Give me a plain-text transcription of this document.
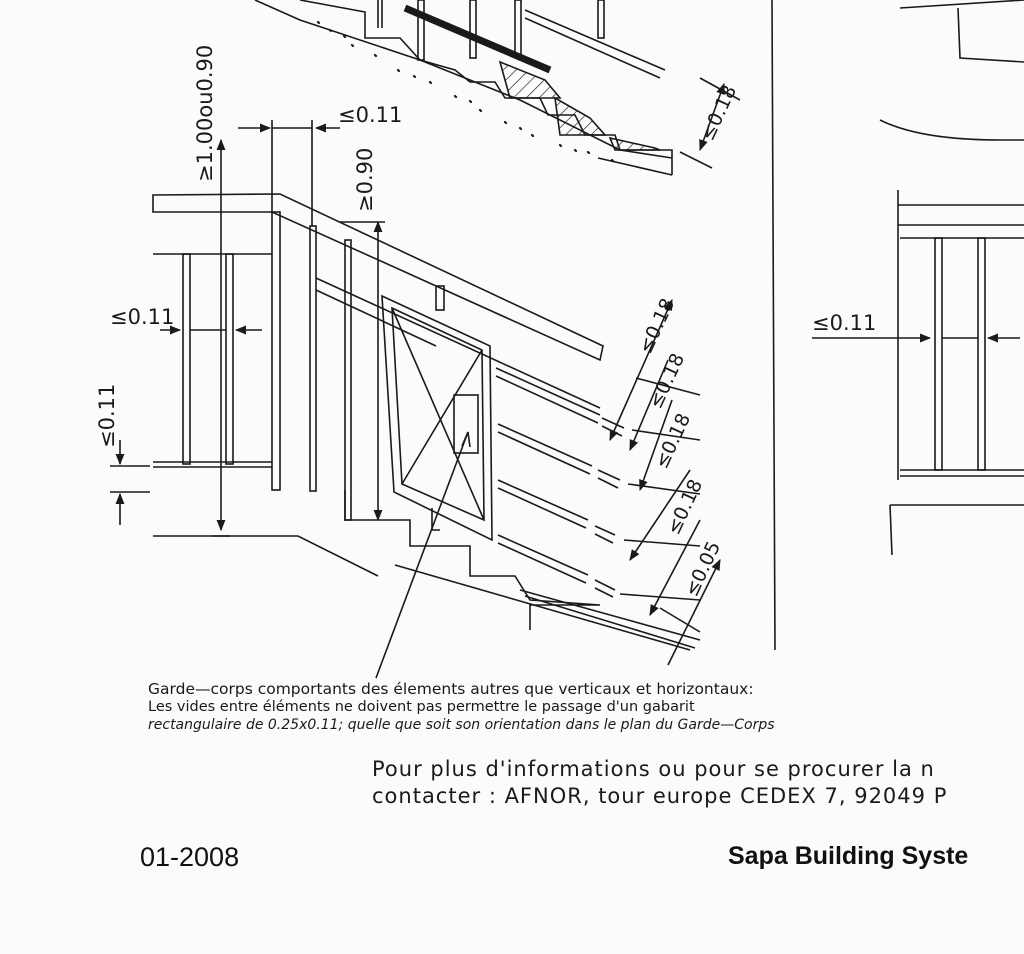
≥1.00ou0.90	≤0.11
≥0.90
≤0.11
≤0.11
≤0.18
≤0.18
≤0.18
≤0.18
≤0.18
≤0.05
≤0.11
Garde—corps comportants des élements autres que verticaux et horizontaux:
Les vides entre éléments ne doivent pas permettre le passage d'un gabarit
rectangulaire de 0.25x0.11; quelle que soit son orientation dans le plan du Garde—Corps
Pour plus d'informations ou pour se procurer la n
contacter : AFNOR, tour europe CEDEX 7, 92049 P
01-2008	Sapa Building Syste
